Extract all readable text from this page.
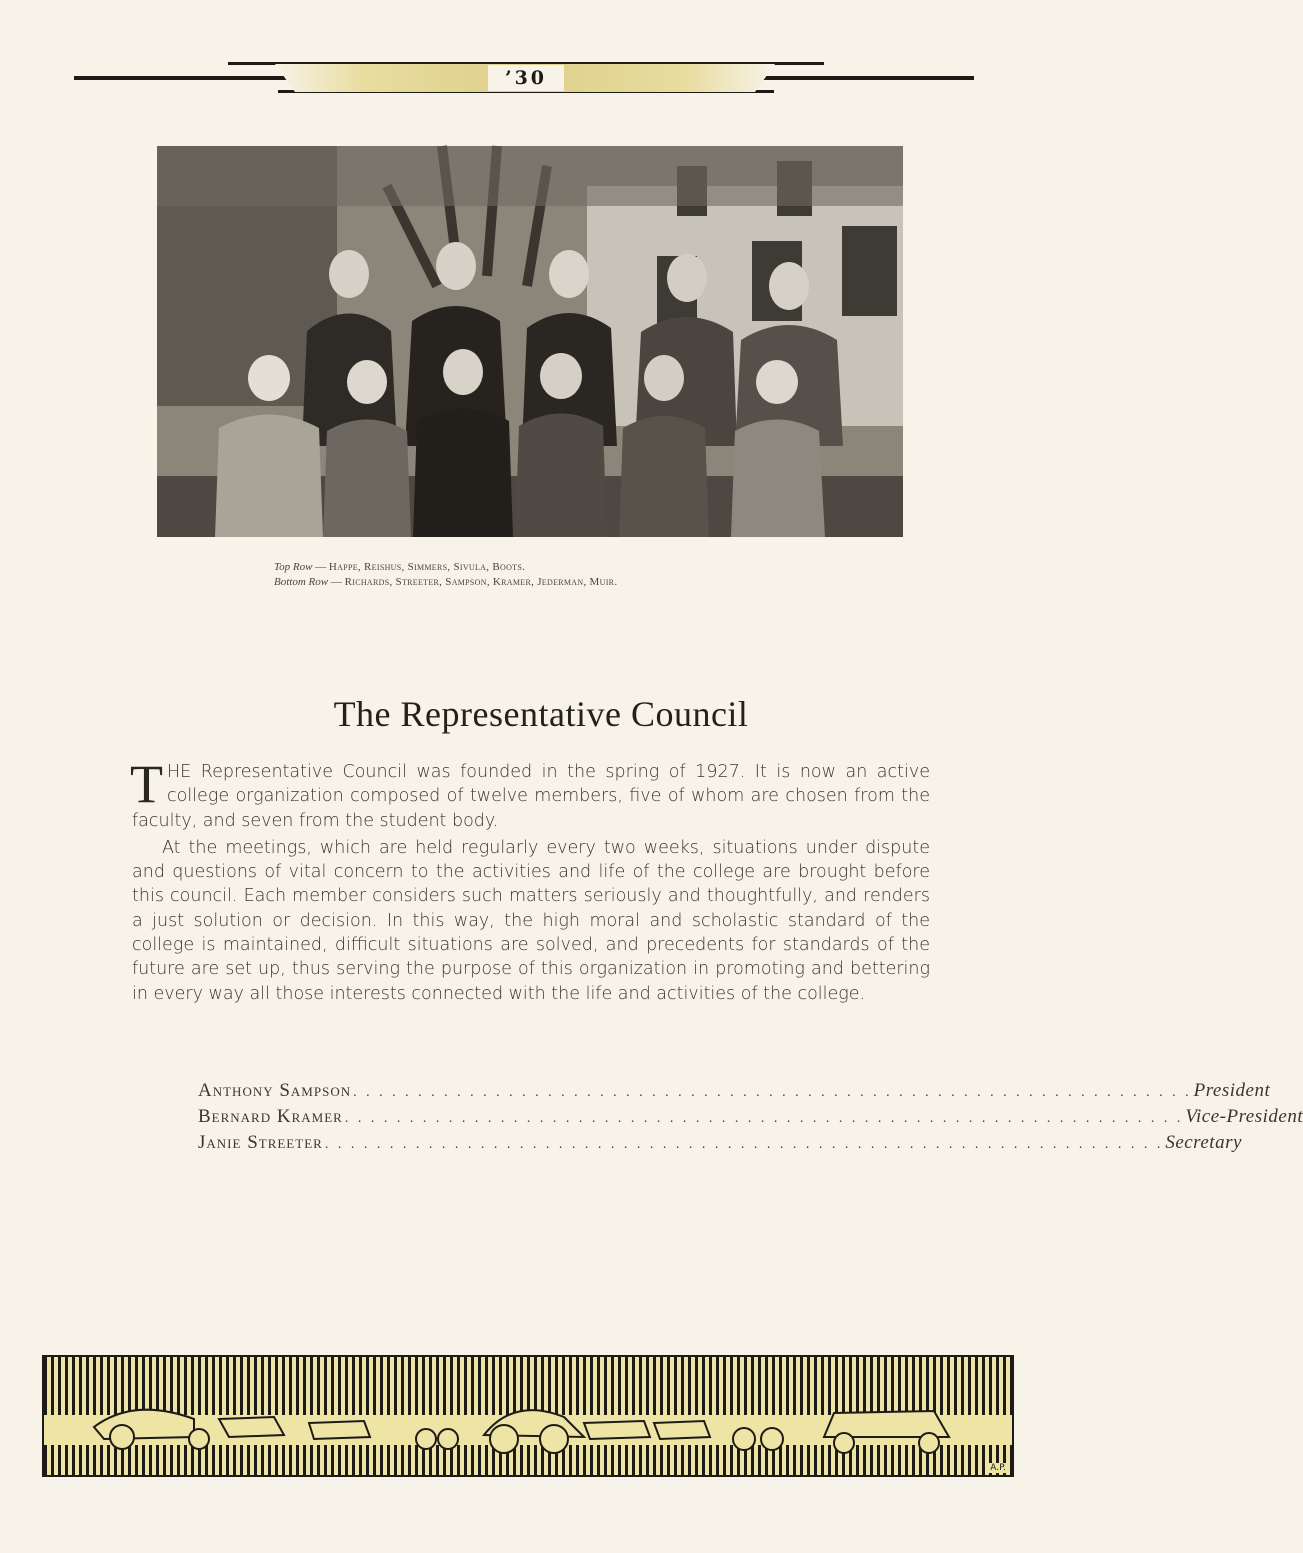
’30
Top Row — Happe, Reishus, Simmers, Sivula, Boots.
Bottom Row — Richards, Streeter, Sampson, Kramer, Jederman, Muir.
The Representative Council

THE Representative Council was founded in the spring of 1927. It is now an active college organization composed of twelve members, five of whom are chosen from the faculty, and seven from the student body.

At the meetings, which are held regularly every two weeks, situations under dispute and questions of vital concern to the activities and life of the college are brought before this council. Each member considers such matters seriously and thoughtfully, and renders a just solution or decision. In this way, the high moral and scholastic standard of the college is maintained, difficult situations are solved, and precedents for standards of the future are set up, thus serving the purpose of this organization in promoting and bettering in every way all those interests connected with the life and activities of the college.

Anthony Sampson . . . . . . . . . . . . . . . . . . . . . . . . . . . . . . . . . . . . . . . . . . . . . . . . . . . . . . . . . . . . . . . . . President
Bernard Kramer . . . . . . . . . . . . . . . . . . . . . . . . . . . . . . . . . . . . . . . . . . . . . . . . . . . . . . . . . . . . . . . . . Vice-President
Janie Streeter . . . . . . . . . . . . . . . . . . . . . . . . . . . . . . . . . . . . . . . . . . . . . . . . . . . . . . . . . . . . . . . . . Secretary
A.P.
